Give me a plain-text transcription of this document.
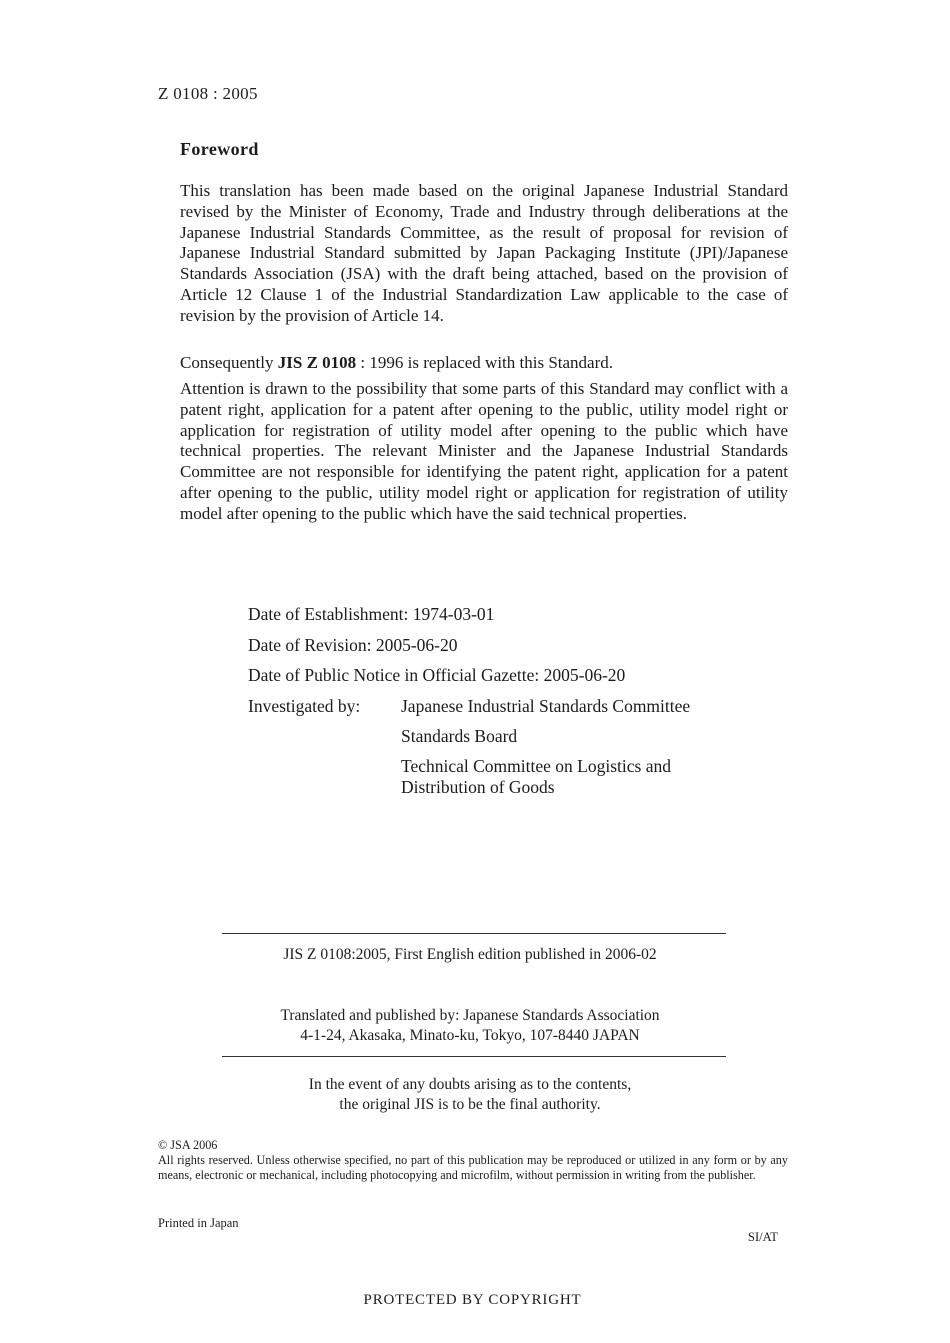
Z 0108 : 2005
Foreword

This translation has been made based on the original Japanese Industrial Standard revised by the Minister of Economy, Trade and Industry through deliberations at the Japanese Industrial Standards Committee, as the result of proposal for revision of Japanese Industrial Standard submitted by Japan Packaging Institute (JPI)/Japanese Standards Association (JSA) with the draft being attached, based on the provision of Article 12 Clause 1 of the Industrial Standardization Law applicable to the case of revision by the provision of Article 14.

Consequently JIS Z 0108 : 1996 is replaced with this Standard.

Attention is drawn to the possibility that some parts of this Standard may conflict with a patent right, application for a patent after opening to the public, utility model right or application for registration of utility model after opening to the public which have technical properties. The relevant Minister and the Japanese Industrial Standards Committee are not responsible for identifying the patent right, application for a patent after opening to the public, utility model right or application for registration of utility model after opening to the public which have the said technical properties.

Date of Establishment: 1974-03-01
Date of Revision: 2005-06-20
Date of Public Notice in Official Gazette: 2005-06-20
Investigated by: Japanese Industrial Standards Committee
Standards Board
Technical Committee on Logistics and
Distribution of Goods
JIS Z 0108:2005, First English edition published in 2006-02
Translated and published by: Japanese Standards Association
4-1-24, Akasaka, Minato-ku, Tokyo, 107-8440 JAPAN
In the event of any doubts arising as to the contents,
the original JIS is to be the final authority.
© JSA 2006
All rights reserved. Unless otherwise specified, no part of this publication may be reproduced or utilized in any form or by any means, electronic or mechanical, including photocopying and microfilm, without permission in writing from the publisher.
Printed in Japan
SI/AT
PROTECTED BY COPYRIGHT
